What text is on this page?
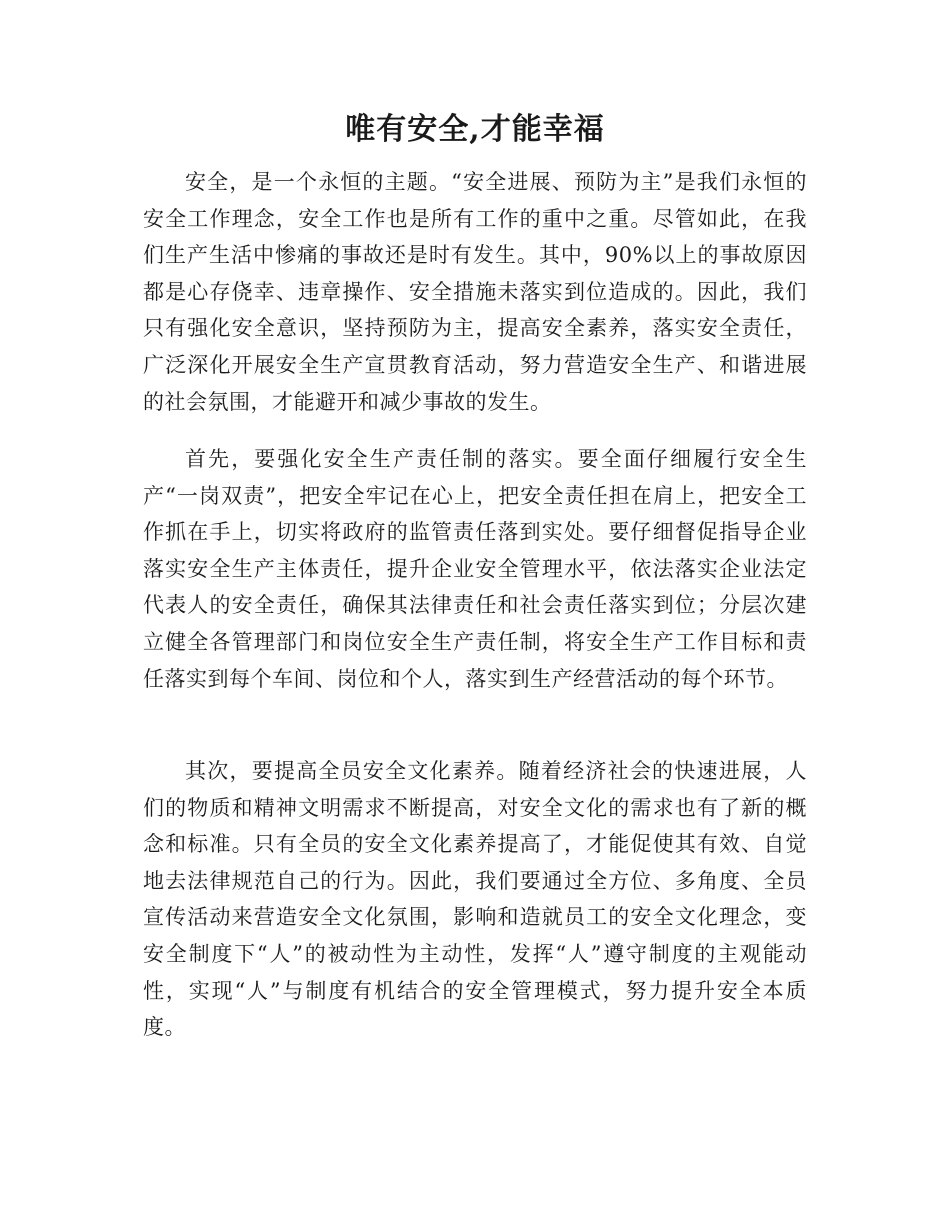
唯有安全,才能幸福

安全，是一个永恒的主题。“安全进展、预防为主”是我们永恒的安全工作理念，安全工作也是所有工作的重中之重。尽管如此，在我们生产生活中惨痛的事故还是时有发生。其中，90%以上的事故原因都是心存侥幸、违章操作、安全措施未落实到位造成的。因此，我们只有强化安全意识，坚持预防为主，提高安全素养，落实安全责任，广泛深化开展安全生产宣贯教育活动，努力营造安全生产、和谐进展的社会氛围，才能避开和减少事故的发生。

首先，要强化安全生产责任制的落实。要全面仔细履行安全生产“一岗双责”，把安全牢记在心上，把安全责任担在肩上，把安全工作抓在手上，切实将政府的监管责任落到实处。要仔细督促指导企业落实安全生产主体责任，提升企业安全管理水平，依法落实企业法定代表人的安全责任，确保其法律责任和社会责任落实到位；分层次建立健全各管理部门和岗位安全生产责任制，将安全生产工作目标和责任落实到每个车间、岗位和个人，落实到生产经营活动的每个环节。

其次，要提高全员安全文化素养。随着经济社会的快速进展，人们的物质和精神文明需求不断提高，对安全文化的需求也有了新的概念和标准。只有全员的安全文化素养提高了，才能促使其有效、自觉地去法律规范自己的行为。因此，我们要通过全方位、多角度、全员宣传活动来营造安全文化氛围，影响和造就员工的安全文化理念，变安全制度下“人”的被动性为主动性，发挥“人”遵守制度的主观能动性，实现“人”与制度有机结合的安全管理模式，努力提升安全本质度。
